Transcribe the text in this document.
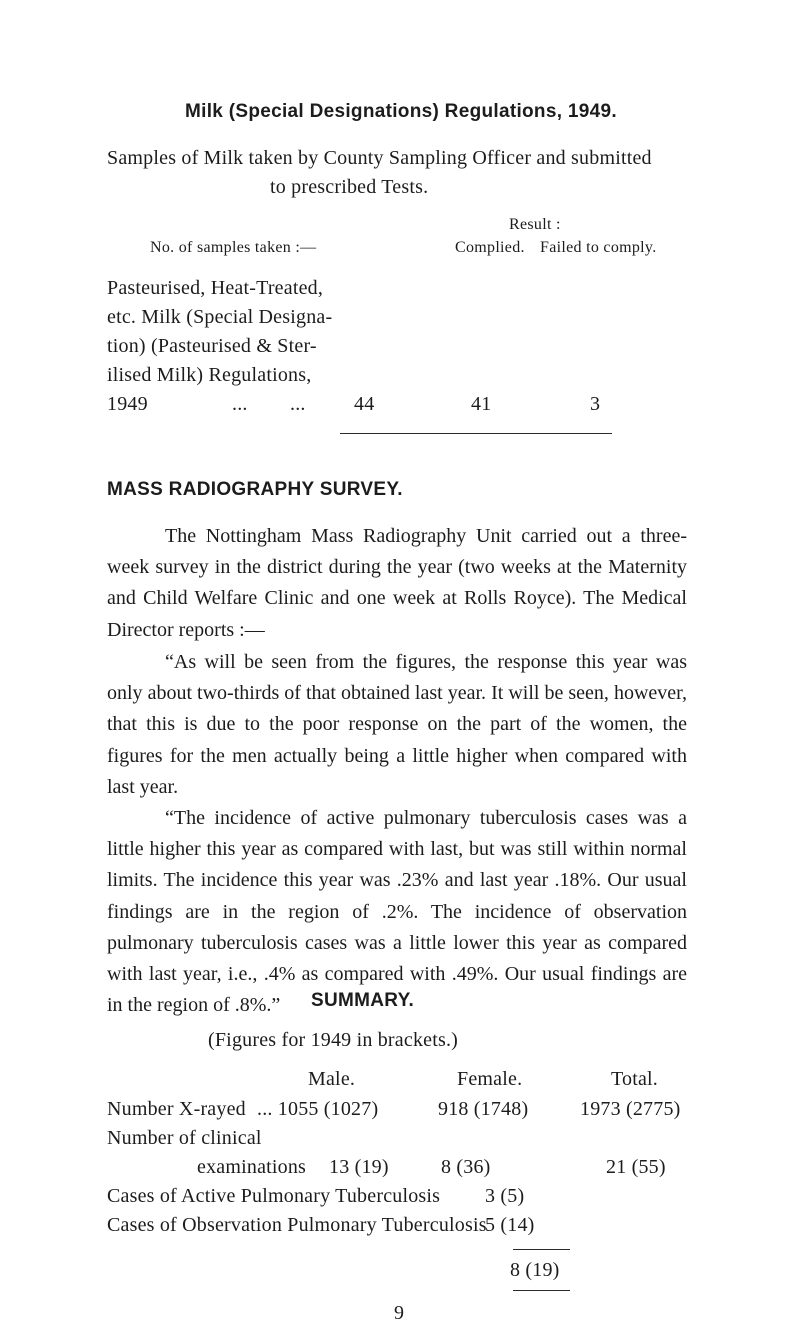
Milk (Special Designations) Regulations, 1949.
Samples of Milk taken by County Sampling Officer and submitted
to prescribed Tests.
Result :
No. of samples taken :—	Complied. Failed to comply.
Pasteurised, Heat-Treated,
etc. Milk (Special Designa-
tion) (Pasteurised & Ster-
ilised Milk) Regulations,
1949	... ... 44	41	3
MASS RADIOGRAPHY SURVEY.
The Nottingham Mass Radiography Unit carried out a three-week survey in the district during the year (two weeks at the Maternity and Child Welfare Clinic and one week at Rolls Royce). The Medical Director reports :—
“As will be seen from the figures, the response this year was only about two-thirds of that obtained last year. It will be seen, however, that this is due to the poor response on the part of the women, the figures for the men actually being a little higher when compared with last year.
“The incidence of active pulmonary tuberculosis cases was a little higher this year as compared with last, but was still within normal limits. The incidence this year was .23% and last year .18%. Our usual findings are in the region of .2%. The incidence of observation pulmonary tuberculosis cases was a little lower this year as compared with last year, i.e., .4% as compared with .49%. Our usual findings are in the region of .8%.”	SUMMARY.
(Figures for 1949 in brackets.)
Male.	Female.	Total.
Number X-rayed ... 1055 (1027)	918 (1748)	1973 (2775)
Number of clinical
examinations 13 (19)	8 (36)	21 (55)
Cases of Active Pulmonary Tuberculosis 3 (5)
Cases of Observation Pulmonary Tuberculosis
5 (14)
8 (19)
9
